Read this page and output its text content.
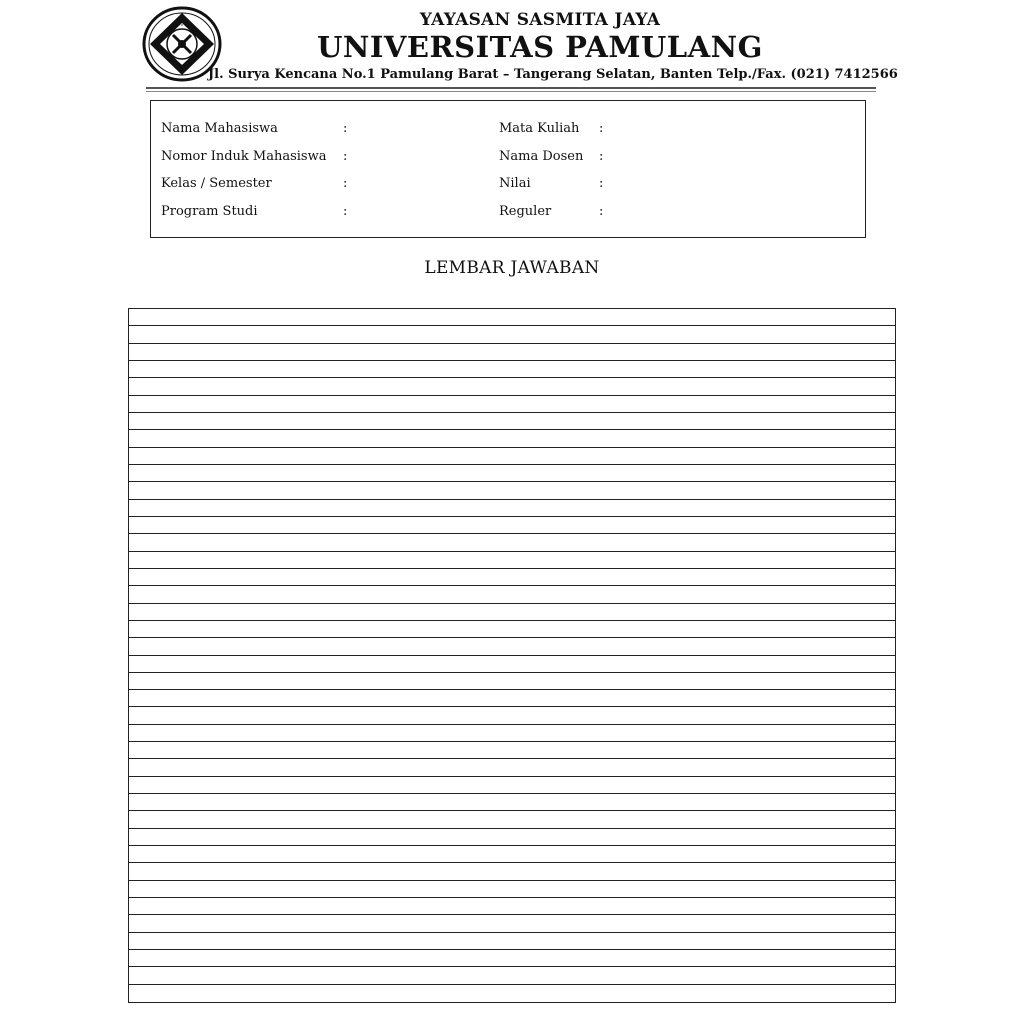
YAYASAN SASMITA JAYA
UNIVERSITAS PAMULANG
Jl. Surya Kencana No.1 Pamulang Barat – Tangerang Selatan, Banten Telp./Fax. (021) 7412566
Nama Mahasiswa	:	Mata Kuliah :
Nomor Induk Mahasiswa :	Nama Dosen :
Kelas / Semester	:	Nilai	:
Program Studi	:	Reguler	:
LEMBAR JAWABAN
